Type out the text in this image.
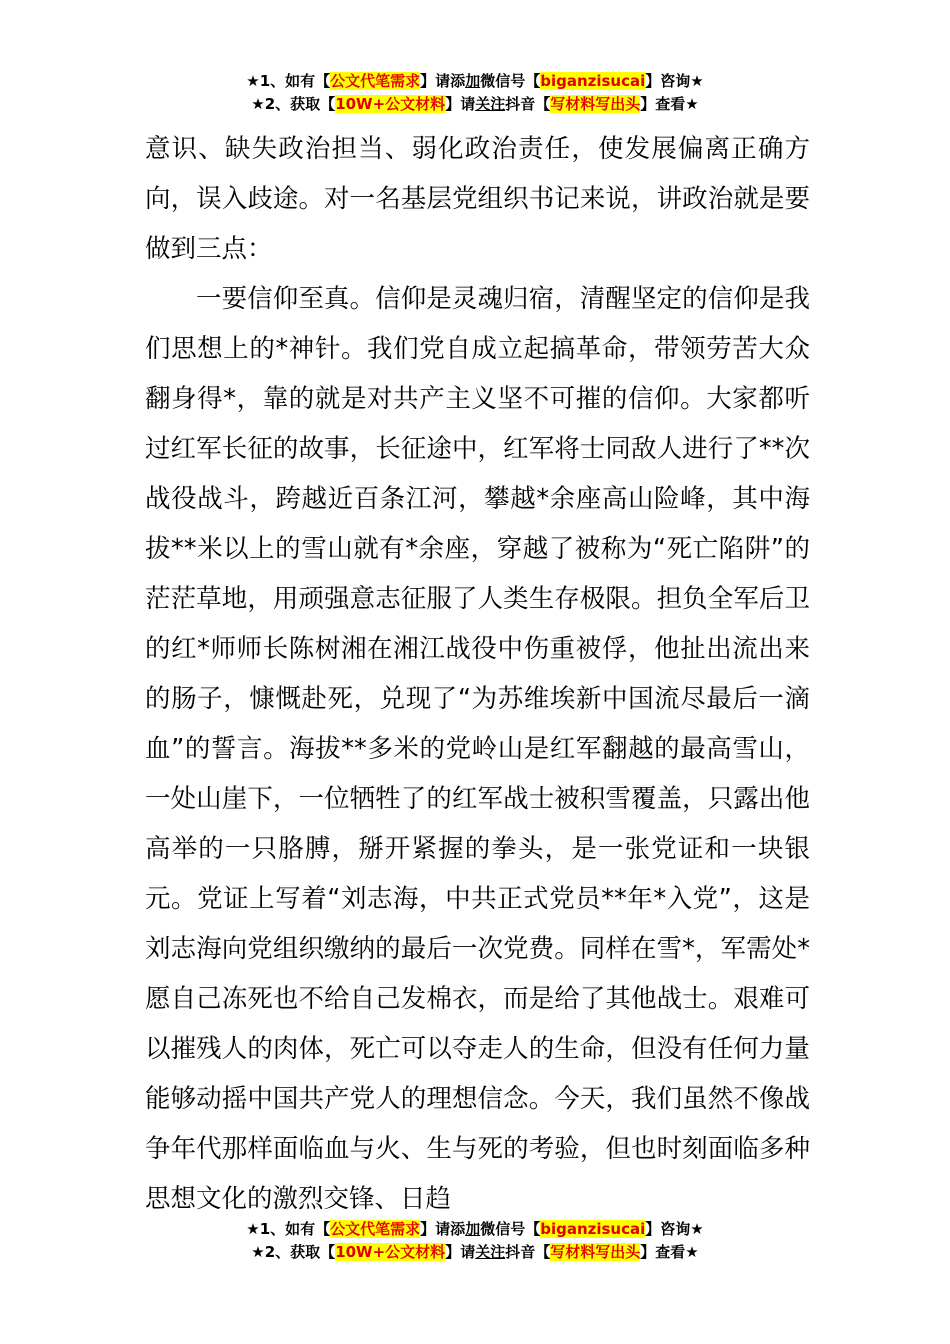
★1、如有【公文代笔需求】请添加微信号【biganzisucai】咨询★
★2、获取【10W+公文材料】请关注抖音【写材料写出头】查看★

意识、缺失政治担当、弱化政治责任，使发展偏离正确方向，误入歧途。对一名基层党组织书记来说，讲政治就是要做到三点：

一要信仰至真。信仰是灵魂归宿，清醒坚定的信仰是我们思想上的*神针。我们党自成立起搞革命，带领劳苦大众翻身得*，靠的就是对共产主义坚不可摧的信仰。大家都听过红军长征的故事，长征途中，红军将士同敌人进行了**次战役战斗，跨越近百条江河，攀越*余座高山险峰，其中海拔**米以上的雪山就有*余座，穿越了被称为“死亡陷阱”的茫茫草地，用顽强意志征服了人类生存极限。担负全军后卫的红*师师长陈树湘在湘江战役中伤重被俘，他扯出流出来的肠子，慷慨赴死，兑现了“为苏维埃新中国流尽最后一滴血”的誓言。海拔**多米的党岭山是红军翻越的最高雪山，一处山崖下，一位牺牲了的红军战士被积雪覆盖，只露出他高举的一只胳膊，掰开紧握的拳头，是一张党证和一块银元。党证上写着“刘志海，中共正式党员**年*入党”，这是刘志海向党组织缴纳的最后一次党费。同样在雪*，军需处*愿自己冻死也不给自己发棉衣，而是给了其他战士。艰难可以摧残人的肉体，死亡可以夺走人的生命，但没有任何力量能够动摇中国共产党人的理想信念。今天，我们虽然不像战争年代那样面临血与火、生与死的考验，但也时刻面临多种思想文化的激烈交锋、日趋

★1、如有【公文代笔需求】请添加微信号【biganzisucai】咨询★
★2、获取【10W+公文材料】请关注抖音【写材料写出头】查看★
